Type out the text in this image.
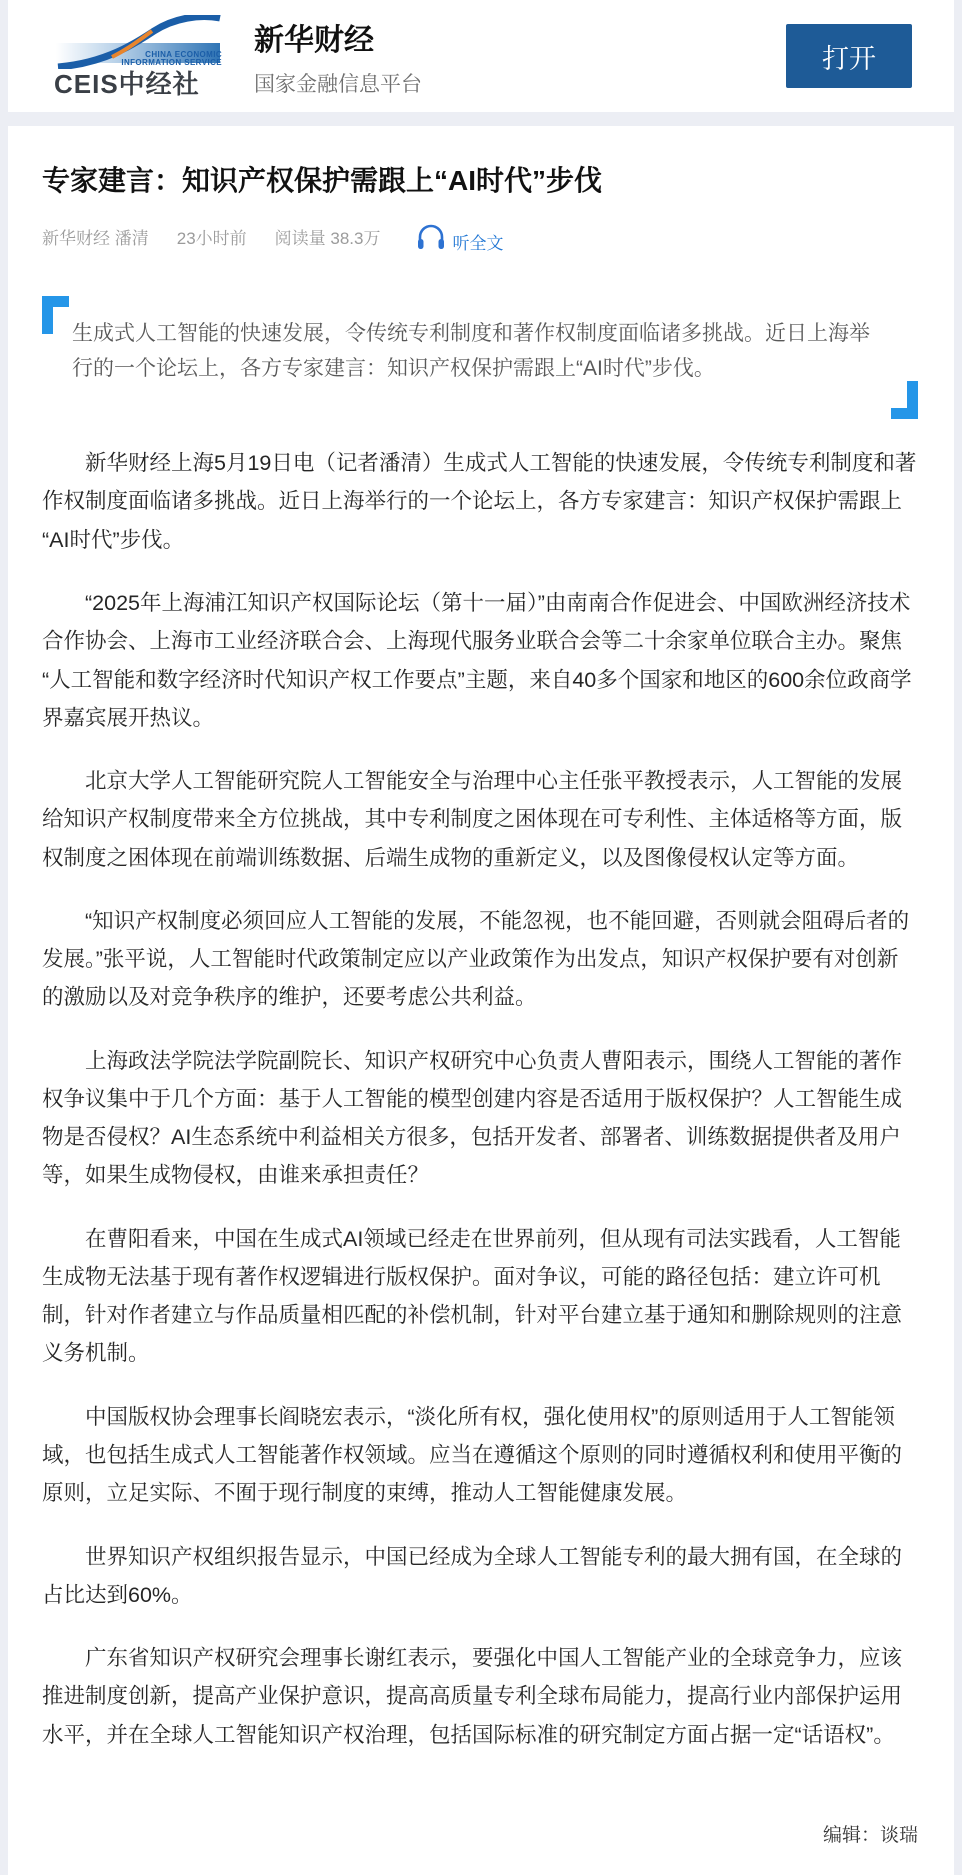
CHINA ECONOMIC
INFORMATION SERVICE
CEIS中经社
新华财经
国家金融信息平台
打开
专家建言：知识产权保护需跟上“AI时代”步伐
新华财经 潘清 23小时前 阅读量 38.3万	听全文

生成式人工智能的快速发展，令传统专利制度和著作权制度面临诸多挑战。近日上海举行的一个论坛上，各方专家建言：知识产权保护需跟上“AI时代”步伐。

新华财经上海5月19日电（记者潘清）生成式人工智能的快速发展，令传统专利制度和著作权制度面临诸多挑战。近日上海举行的一个论坛上，各方专家建言：知识产权保护需跟上“AI时代”步伐。

“2025年上海浦江知识产权国际论坛（第十一届）”由南南合作促进会、中国欧洲经济技术合作协会、上海市工业经济联合会、上海现代服务业联合会等二十余家单位联合主办。聚焦“人工智能和数字经济时代知识产权工作要点”主题，来自40多个国家和地区的600余位政商学界嘉宾展开热议。

北京大学人工智能研究院人工智能安全与治理中心主任张平教授表示，人工智能的发展给知识产权制度带来全方位挑战，其中专利制度之困体现在可专利性、主体适格等方面，版权制度之困体现在前端训练数据、后端生成物的重新定义，以及图像侵权认定等方面。

“知识产权制度必须回应人工智能的发展，不能忽视，也不能回避，否则就会阻碍后者的发展。”张平说，人工智能时代政策制定应以产业政策作为出发点，知识产权保护要有对创新的激励以及对竞争秩序的维护，还要考虑公共利益。

上海政法学院法学院副院长、知识产权研究中心负责人曹阳表示，围绕人工智能的著作权争议集中于几个方面：基于人工智能的模型创建内容是否适用于版权保护？人工智能生成物是否侵权？AI生态系统中利益相关方很多，包括开发者、部署者、训练数据提供者及用户等，如果生成物侵权，由谁来承担责任？

在曹阳看来，中国在生成式AI领域已经走在世界前列，但从现有司法实践看，人工智能生成物无法基于现有著作权逻辑进行版权保护。面对争议，可能的路径包括：建立许可机制，针对作者建立与作品质量相匹配的补偿机制，针对平台建立基于通知和删除规则的注意义务机制。

中国版权协会理事长阎晓宏表示，“淡化所有权，强化使用权”的原则适用于人工智能领域，也包括生成式人工智能著作权领域。应当在遵循这个原则的同时遵循权利和使用平衡的原则，立足实际、不囿于现行制度的束缚，推动人工智能健康发展。

世界知识产权组织报告显示，中国已经成为全球人工智能专利的最大拥有国，在全球的占比达到60%。

广东省知识产权研究会理事长谢红表示，要强化中国人工智能产业的全球竞争力，应该推进制度创新，提高产业保护意识，提高高质量专利全球布局能力，提高行业内部保护运用水平，并在全球人工智能知识产权治理，包括国际标准的研究制定方面占据一定“话语权”。

编辑：谈瑞
